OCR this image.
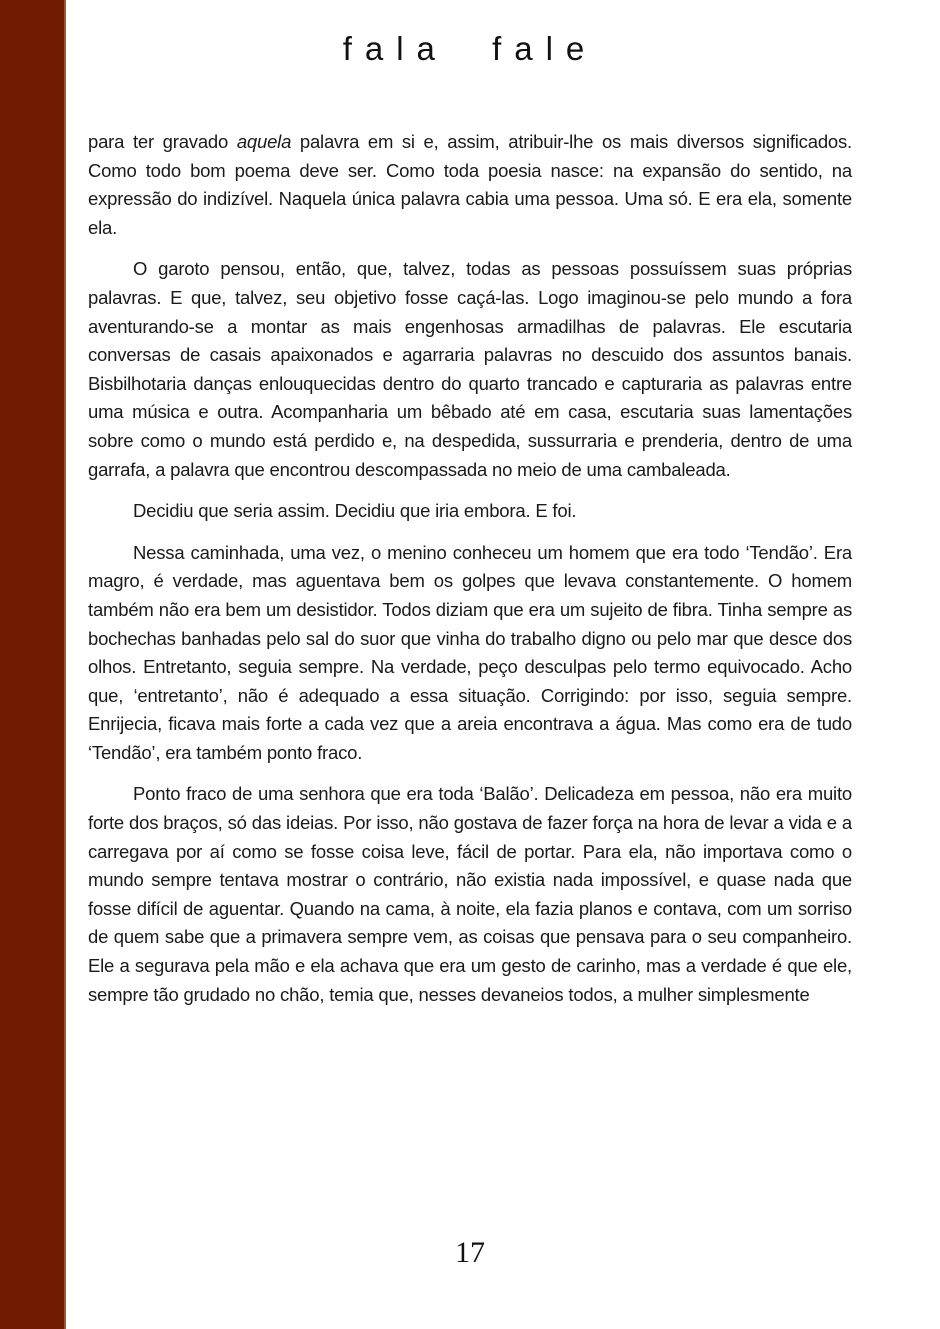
fala fale

para ter gravado aquela palavra em si e, assim, atribuir-lhe os mais diversos significados. Como todo bom poema deve ser. Como toda poesia nasce: na expansão do sentido, na expressão do indizível. Naquela única palavra cabia uma pessoa. Uma só. E era ela, somente ela.

O garoto pensou, então, que, talvez, todas as pessoas possuíssem suas próprias palavras. E que, talvez, seu objetivo fosse caçá-las. Logo imaginou-se pelo mundo a fora aventurando-se a montar as mais engenhosas armadilhas de palavras. Ele escutaria conversas de casais apaixonados e agarraria palavras no descuido dos assuntos banais. Bisbilhotaria danças enlouquecidas dentro do quarto trancado e capturaria as palavras entre uma música e outra. Acompanharia um bêbado até em casa, escutaria suas lamentações sobre como o mundo está perdido e, na despedida, sussurraria e prenderia, dentro de uma garrafa, a palavra que encontrou descompassada no meio de uma cambaleada.

Decidiu que seria assim. Decidiu que iria embora. E foi.

Nessa caminhada, uma vez, o menino conheceu um homem que era todo ‘Tendão’. Era magro, é verdade, mas aguentava bem os golpes que levava constantemente. O homem também não era bem um desistidor. Todos diziam que era um sujeito de fibra. Tinha sempre as bochechas banhadas pelo sal do suor que vinha do trabalho digno ou pelo mar que desce dos olhos. Entretanto, seguia sempre. Na verdade, peço desculpas pelo termo equivocado. Acho que, ‘entretanto’, não é adequado a essa situação. Corrigindo: por isso, seguia sempre. Enrijecia, ficava mais forte a cada vez que a areia encontrava a água. Mas como era de tudo ‘Tendão’, era também ponto fraco.

Ponto fraco de uma senhora que era toda ‘Balão’. Delicadeza em pessoa, não era muito forte dos braços, só das ideias. Por isso, não gostava de fazer força na hora de levar a vida e a carregava por aí como se fosse coisa leve, fácil de portar. Para ela, não importava como o mundo sempre tentava mostrar o contrário, não existia nada impossível, e quase nada que fosse difícil de aguentar. Quando na cama, à noite, ela fazia planos e contava, com um sorriso de quem sabe que a primavera sempre vem, as coisas que pensava para o seu companheiro. Ele a segurava pela mão e ela achava que era um gesto de carinho, mas a verdade é que ele, sempre tão grudado no chão, temia que, nesses devaneios todos, a mulher simplesmente

17
